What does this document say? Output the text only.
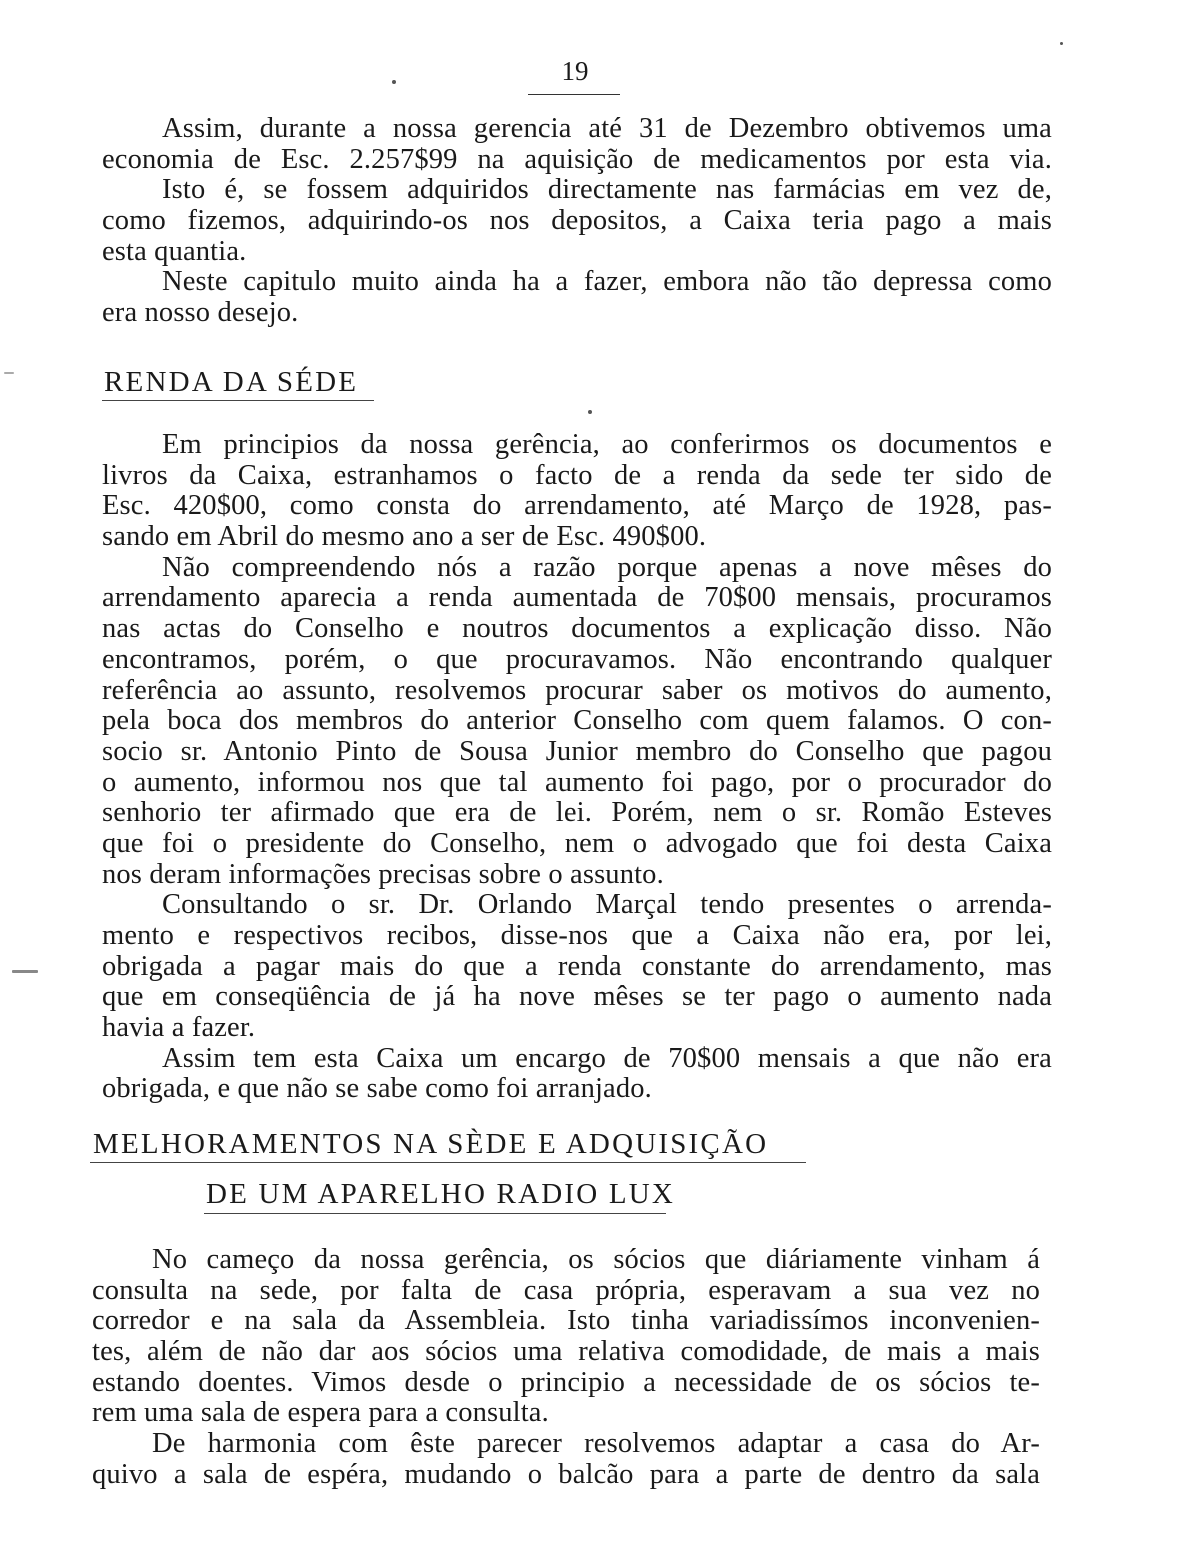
19
Assim, durante a nossa gerencia até 31 de Dezembro obtivemos uma
economia de Esc. 2.257$99 na aquisição de medicamentos por esta via.
Isto é, se fossem adquiridos directamente nas farmácias em vez de,
como fizemos, adquirindo-os nos depositos, a Caixa teria pago a mais
esta quantia.
Neste capitulo muito ainda ha a fazer, embora não tão depressa como
era nosso desejo.
RENDA DA SÉDE
Em principios da nossa gerência, ao conferirmos os documentos e
livros da Caixa, estranhamos o facto de a renda da sede ter sido de
Esc. 420$00, como consta do arrendamento, até Março de 1928, pas-
sando em Abril do mesmo ano a ser de Esc. 490$00.
Não compreendendo nós a razão porque apenas a nove mêses do
arrendamento aparecia a renda aumentada de 70$00 mensais, procuramos
nas actas do Conselho e noutros documentos a explicação disso. Não
encontramos, porém, o que procuravamos. Não encontrando qualquer
referência ao assunto, resolvemos procurar saber os motivos do aumento,
pela boca dos membros do anterior Conselho com quem falamos. O con-
socio sr. Antonio Pinto de Sousa Junior membro do Conselho que pagou
o aumento, informou nos que tal aumento foi pago, por o procurador do
senhorio ter afirmado que era de lei. Porém, nem o sr. Romão Esteves
que foi o presidente do Conselho, nem o advogado que foi desta Caixa
nos deram informações precisas sobre o assunto.
Consultando o sr. Dr. Orlando Marçal tendo presentes o arrenda-
mento e respectivos recibos, disse-nos que a Caixa não era, por lei,
obrigada a pagar mais do que a renda constante do arrendamento, mas
que em conseqüência de já ha nove mêses se ter pago o aumento nada
havia a fazer.
Assim tem esta Caixa um encargo de 70$00 mensais a que não era
obrigada, e que não se sabe como foi arranjado.
MELHORAMENTOS NA SÈDE E ADQUISIÇÃO
DE UM APARELHO RADIO LUX
No cameço da nossa gerência, os sócios que diáriamente vinham á
consulta na sede, por falta de casa própria, esperavam a sua vez no
corredor e na sala da Assembleia. Isto tinha variadissímos inconvenien-
tes, além de não dar aos sócios uma relativa comodidade, de mais a mais
estando doentes. Vimos desde o principio a necessidade de os sócios te-
rem uma sala de espera para a consulta.
De harmonia com êste parecer resolvemos adaptar a casa do Ar-
quivo a sala de espéra, mudando o balcão para a parte de dentro da sala
